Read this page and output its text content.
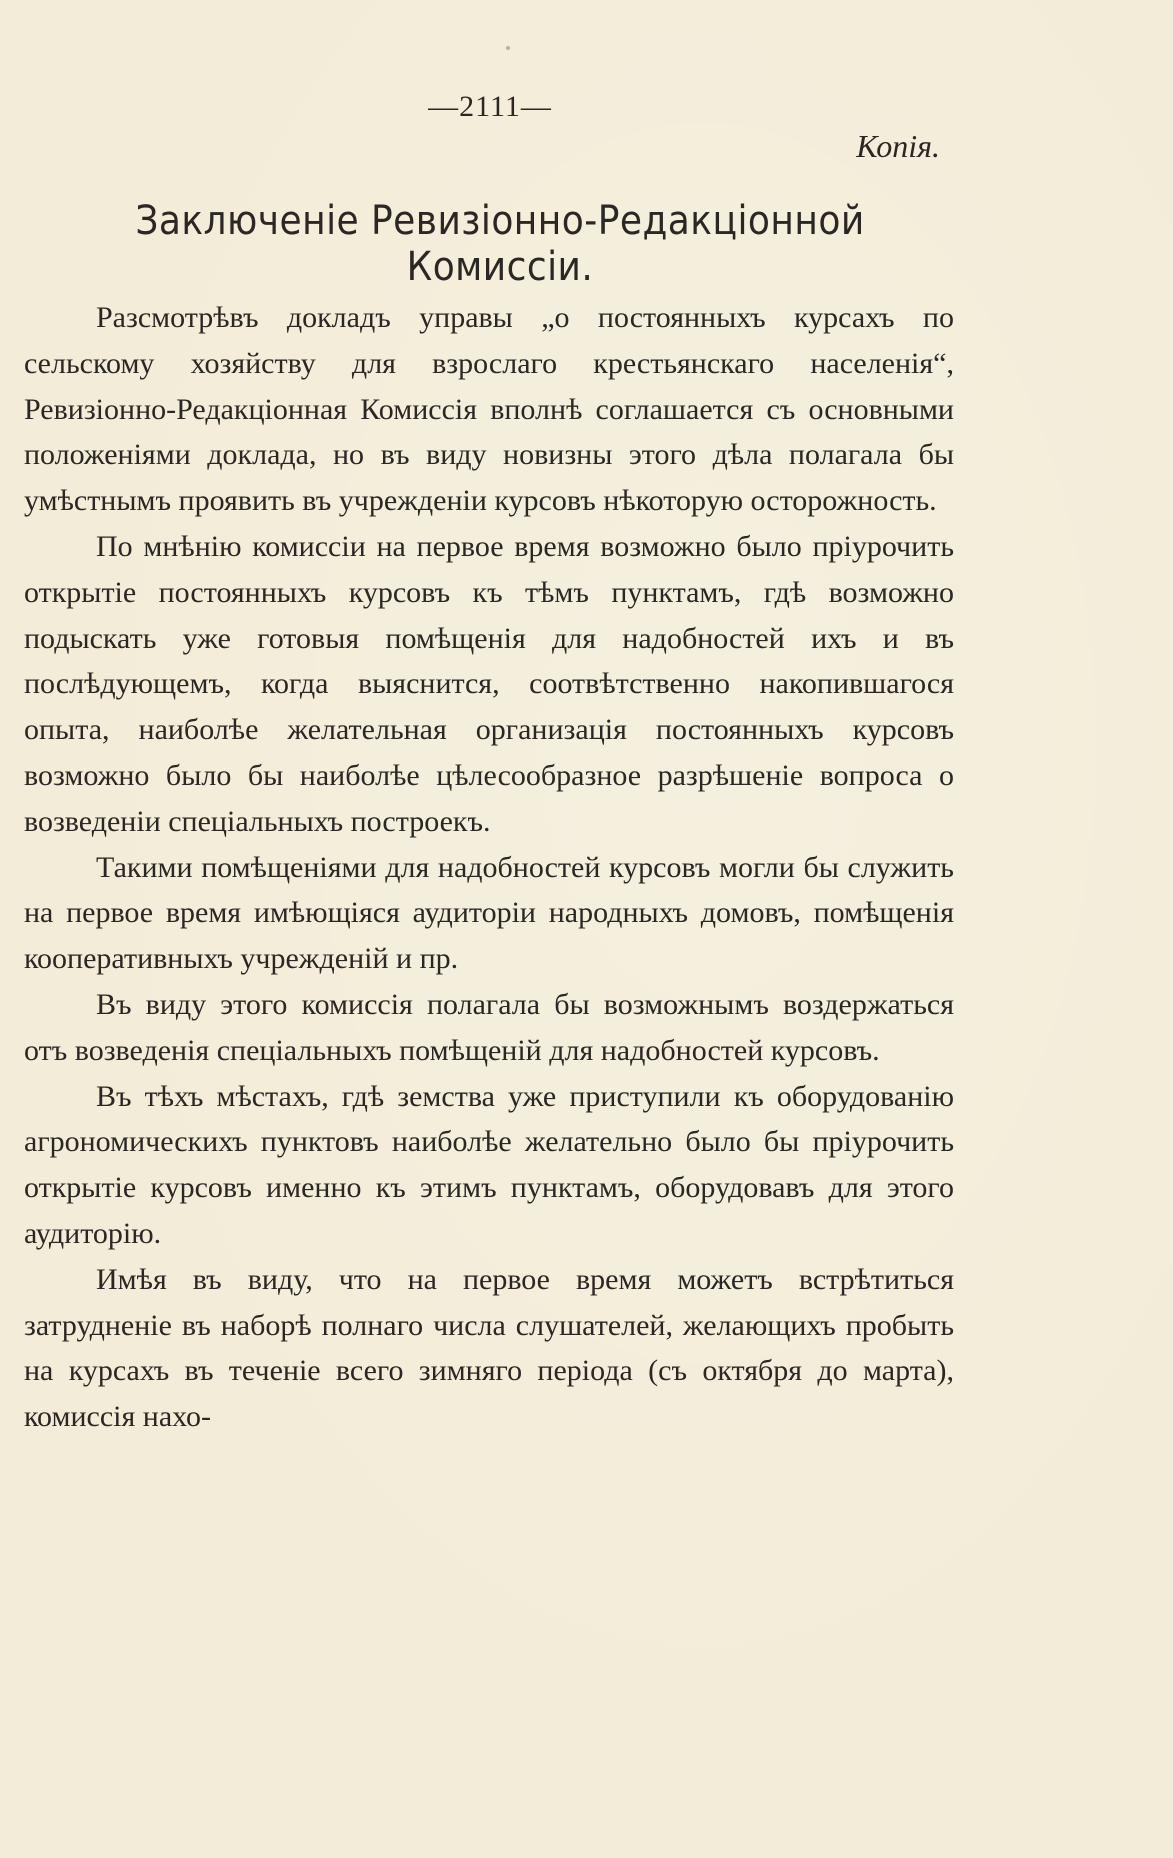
—2111—
Копія.
Заключеніе Ревизіонно-Редакціонной Комиссіи.

Разсмотрѣвъ докладъ управы „о постоянныхъ курсахъ по сельскому хозяйству для взрослаго крестьянскаго населенія“, Ревизіонно-Редакціонная Комиссія вполнѣ соглашается съ основными положеніями доклада, но въ виду новизны этого дѣла полагала бы умѣстнымъ проявить въ учрежденіи курсовъ нѣкоторую осторожность.

По мнѣнію комиссіи на первое время возможно было пріурочить открытіе постоянныхъ курсовъ къ тѣмъ пунктамъ, гдѣ возможно подыскать уже готовыя помѣщенія для надобностей ихъ и въ послѣдующемъ, когда выяснится, соотвѣтственно накопившагося опыта, наиболѣе желательная организація постоянныхъ курсовъ возможно было бы наиболѣе цѣлесообразное разрѣшеніе вопроса о возведеніи спеціальныхъ построекъ.

Такими помѣщеніями для надобностей курсовъ могли бы служить на первое время имѣющіяся аудиторіи народныхъ домовъ, помѣщенія кооперативныхъ учрежденій и пр.

Въ виду этого комиссія полагала бы возможнымъ воздержаться отъ возведенія спеціальныхъ помѣщеній для надобностей курсовъ.

Въ тѣхъ мѣстахъ, гдѣ земства уже приступили къ оборудованію агрономическихъ пунктовъ наиболѣе желательно было бы пріурочить открытіе курсовъ именно къ этимъ пунктамъ, оборудовавъ для этого аудиторію.

Имѣя въ виду, что на первое время можетъ встрѣтиться затрудненіе въ наборѣ полнаго числа слушателей, желающихъ пробыть на курсахъ въ теченіе всего зимняго періода (съ октября до марта), комиссія нахо-
